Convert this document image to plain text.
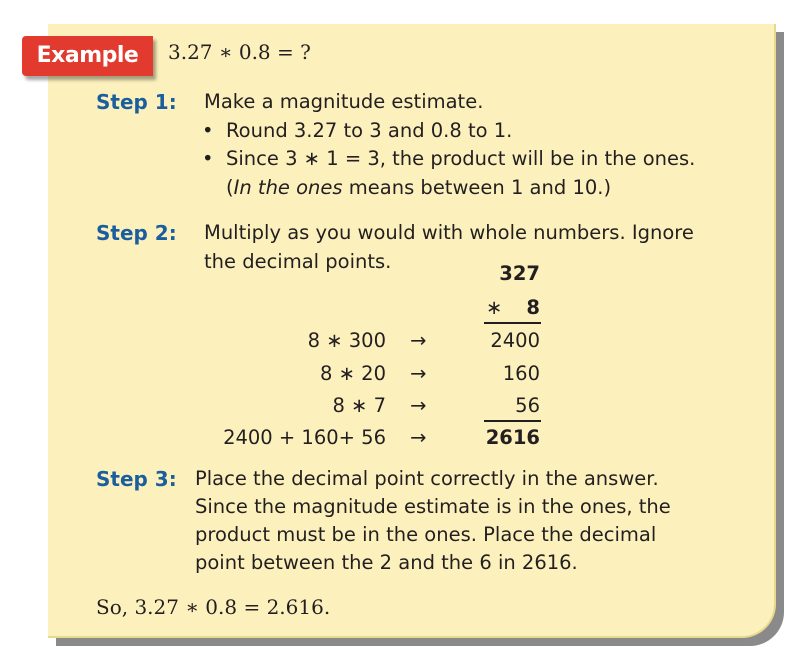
Example	3.27 ∗ 0.8 = ?
Step 1: Make a magnitude estimate.
• Round 3.27 to 3 and 0.8 to 1.
• Since 3 ∗ 1 = 3, the product will be in the ones.
(In the ones means between 1 and 10.)
Step 2: Multiply as you would with whole numbers. Ignore
the decimal points.
327
∗	8
8 ∗ 300 →	2400
8 ∗ 20 →	160
8 ∗ 7 →	56
2400 + 160+ 56 →	2616
Step 3: Place the decimal point correctly in the answer.
Since the magnitude estimate is in the ones, the
product must be in the ones. Place the decimal
point between the 2 and the 6 in 2616.
So, 3.27 ∗ 0.8 = 2.616.
